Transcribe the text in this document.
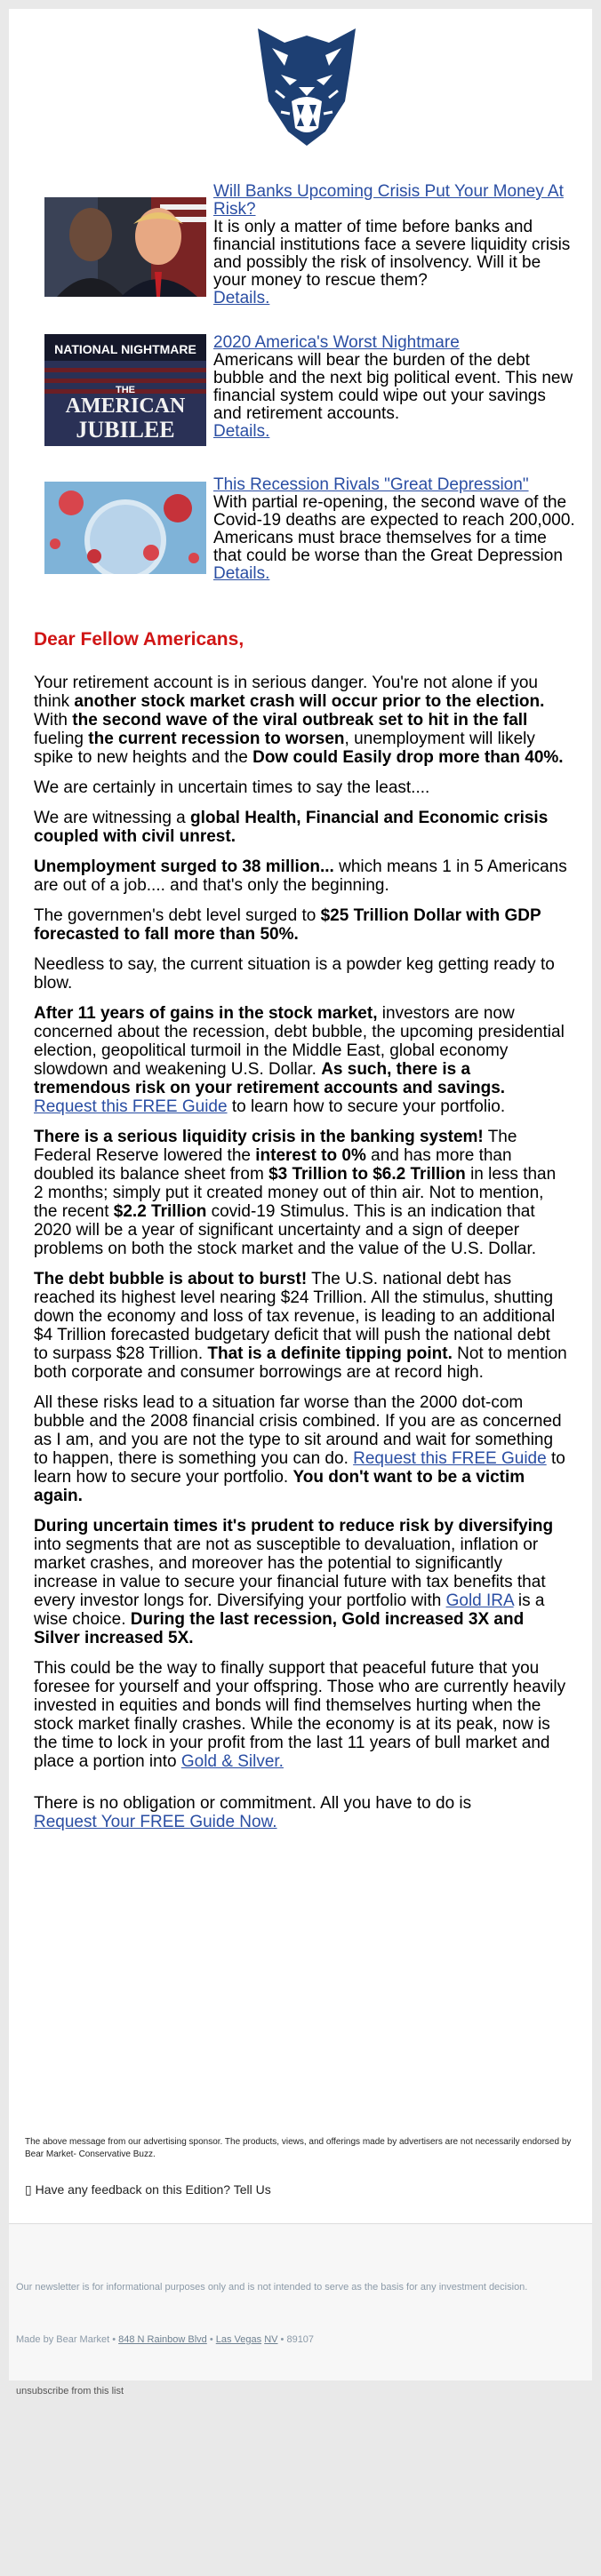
Will Banks Upcoming Crisis Put Your Money At Risk?
It is only a matter of time before banks and financial institutions face a severe liquidity crisis and possibly the risk of insolvency. Will it be your money to rescue them?
Details.
NATIONAL NIGHTMARE
THE
AMERICAN
JUBILEE
2020 America's Worst Nightmare
Americans will bear the burden of the debt bubble and the next big political event. This new financial system could wipe out your savings and retirement accounts.
Details.
This Recession Rivals "Great Depression"
With partial re-opening, the second wave of the Covid-19 deaths are expected to reach 200,000. Americans must brace themselves for a time that could be worse than the Great Depression Details.
Dear Fellow Americans,

Your retirement account is in serious danger. You're not alone if you think another stock market crash will occur prior to the election. With the second wave of the viral outbreak set to hit in the fall fueling the current recession to worsen, unemployment will likely spike to new heights and the Dow could Easily drop more than 40%.

We are certainly in uncertain times to say the least....

We are witnessing a global Health, Financial and Economic crisis coupled with civil unrest.

Unemployment surged to 38 million... which means 1 in 5 Americans are out of a job.... and that's only the beginning.

The governmen's debt level surged to $25 Trillion Dollar with GDP forecasted to fall more than 50%.

Needless to say, the current situation is a powder keg getting ready to blow.

After 11 years of gains in the stock market, investors are now concerned about the recession, debt bubble, the upcoming presidential election, geopolitical turmoil in the Middle East, global economy slowdown and weakening U.S. Dollar. As such, there is a tremendous risk on your retirement accounts and savings. Request this FREE Guide to learn how to secure your portfolio.

There is a serious liquidity crisis in the banking system! The Federal Reserve lowered the interest to 0% and has more than doubled its balance sheet from $3 Trillion to $6.2 Trillion in less than 2 months; simply put it created money out of thin air. Not to mention, the recent $2.2 Trillion covid-19 Stimulus. This is an indication that 2020 will be a year of significant uncertainty and a sign of deeper problems on both the stock market and the value of the U.S. Dollar.

The debt bubble is about to burst! The U.S. national debt has reached its highest level nearing $24 Trillion. All the stimulus, shutting down the economy and loss of tax revenue, is leading to an additional $4 Trillion forecasted budgetary deficit that will push the national debt to surpass $28 Trillion. That is a definite tipping point. Not to mention both corporate and consumer borrowings are at record high.

All these risks lead to a situation far worse than the 2000 dot-com bubble and the 2008 financial crisis combined. If you are as concerned as I am, and you are not the type to sit around and wait for something to happen, there is something you can do. Request this FREE Guide to learn how to secure your portfolio. You don't want to be a victim again.

During uncertain times it's prudent to reduce risk by diversifying into segments that are not as susceptible to devaluation, inflation or market crashes, and moreover has the potential to significantly increase in value to secure your financial future with tax benefits that every investor longs for. Diversifying your portfolio with Gold IRA is a wise choice. During the last recession, Gold increased 3X and Silver increased 5X.

This could be the way to finally support that peaceful future that you foresee for yourself and your offspring. Those who are currently heavily invested in equities and bonds will find themselves hurting when the stock market finally crashes. While the economy is at its peak, now is the time to lock in your profit from the last 11 years of bull market and place a portion into Gold & Silver.

There is no obligation or commitment. All you have to do is
Request Your FREE Guide Now.

The above message from our advertising sponsor. The products, views, and offerings made by advertisers are not necessarily endorsed by Bear Market- Conservative Buzz.
▯ Have any feedback on this Edition? Tell Us
Our newsletter is for informational purposes only and is not intended to serve as the basis for any investment decision.
Made by Bear Market • 848 N Rainbow Blvd • Las Vegas NV • 89107
unsubscribe from this list
